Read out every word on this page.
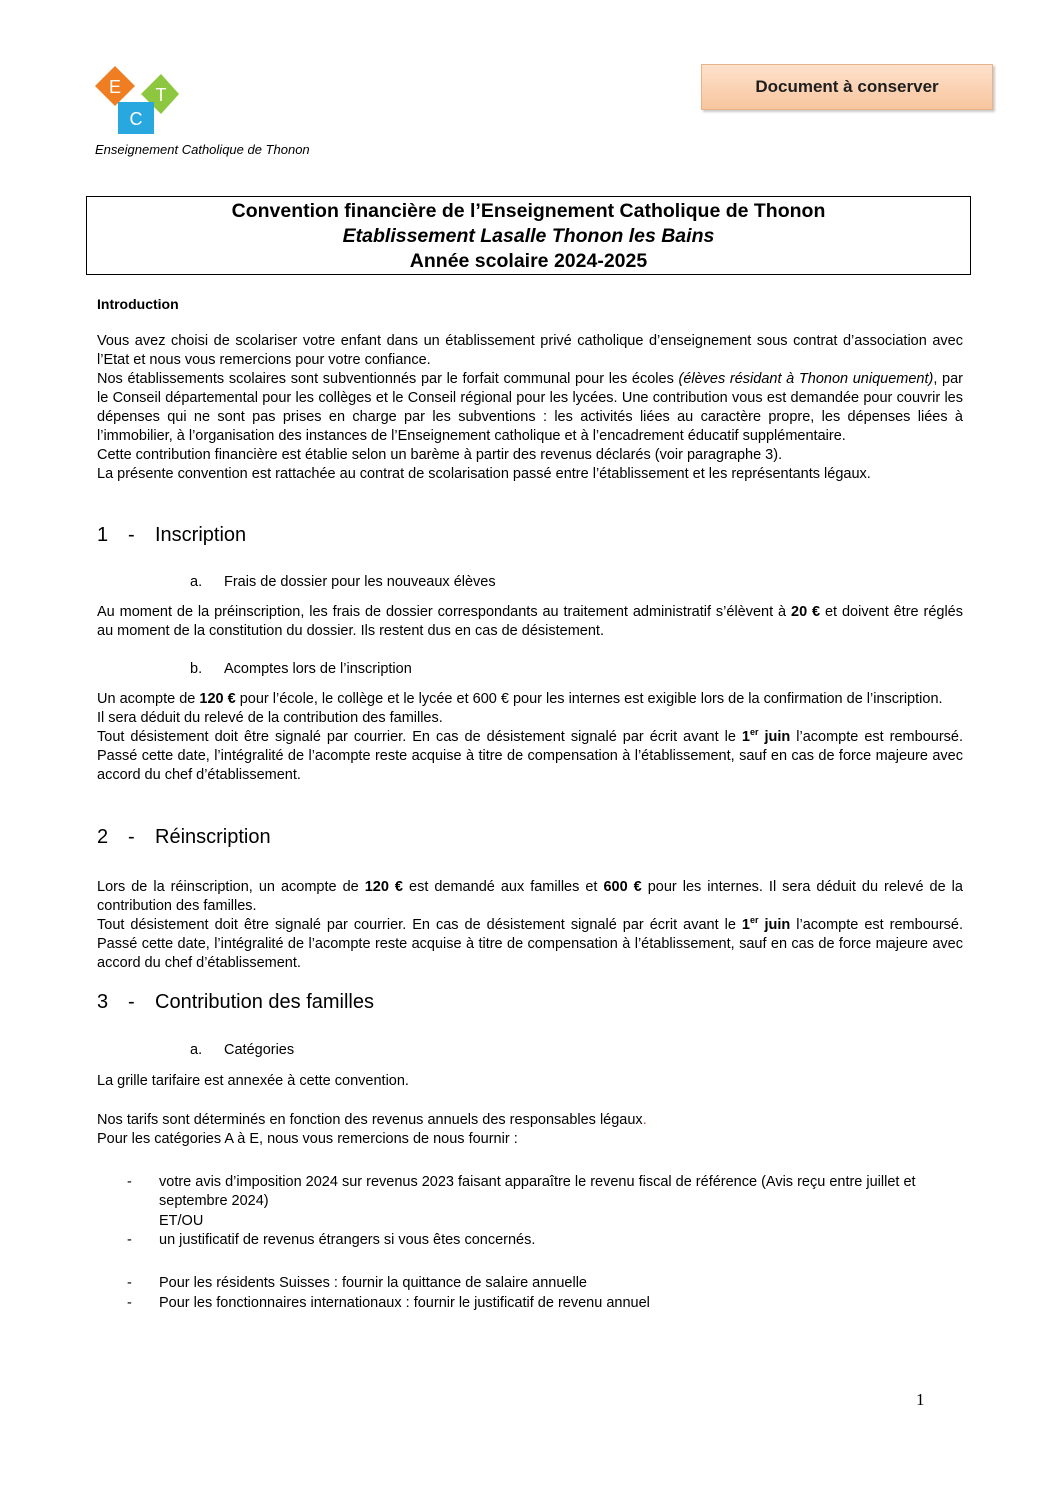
E T
C
Enseignement Catholique de Thonon
Document à conserver
Convention financière de l’Enseignement Catholique de Thonon
Etablissement Lasalle Thonon les Bains
Année scolaire 2024-2025
Introduction
Vous avez choisi de scolariser votre enfant dans un établissement privé catholique d’enseignement sous contrat d’association avec l’Etat et nous vous remercions pour votre confiance.
Nos établissements scolaires sont subventionnés par le forfait communal pour les écoles (élèves résidant à Thonon uniquement), par le Conseil départemental pour les collèges et le Conseil régional pour les lycées. Une contribution vous est demandée pour couvrir les dépenses qui ne sont pas prises en charge par les subventions : les activités liées au caractère propre, les dépenses liées à l’immobilier, à l’organisation des instances de l’Enseignement catholique et à l’encadrement éducatif supplémentaire.
Cette contribution financière est établie selon un barème à partir des revenus déclarés (voir paragraphe 3).
La présente convention est rattachée au contrat de scolarisation passé entre l’établissement et les représentants légaux.
1 - Inscription
a. Frais de dossier pour les nouveaux élèves
Au moment de la préinscription, les frais de dossier correspondants au traitement administratif s’élèvent à 20 € et doivent être réglés au moment de la constitution du dossier. Ils restent dus en cas de désistement.
b. Acomptes lors de l’inscription
Un acompte de 120 € pour l’école, le collège et le lycée et 600 € pour les internes est exigible lors de la confirmation de l’inscription.
Il sera déduit du relevé de la contribution des familles.
Tout désistement doit être signalé par courrier. En cas de désistement signalé par écrit avant le 1er juin l’acompte est remboursé. Passé cette date, l’intégralité de l’acompte reste acquise à titre de compensation à l’établissement, sauf en cas de force majeure avec accord du chef d’établissement.
2 - Réinscription
Lors de la réinscription, un acompte de 120 € est demandé aux familles et 600 € pour les internes. Il sera déduit du relevé de la contribution des familles.
Tout désistement doit être signalé par courrier. En cas de désistement signalé par écrit avant le 1er juin l’acompte est remboursé. Passé cette date, l’intégralité de l’acompte reste acquise à titre de compensation à l’établissement, sauf en cas de force majeure avec accord du chef d’établissement.
3 - Contribution des familles
a. Catégories
La grille tarifaire est annexée à cette convention.
Nos tarifs sont déterminés en fonction des revenus annuels des responsables légaux.
Pour les catégories A à E, nous vous remercions de nous fournir :
- votre avis d’imposition 2024 sur revenus 2023 faisant apparaître le revenu fiscal de référence (Avis reçu entre juillet et septembre 2024)
ET/OU
- un justificatif de revenus étrangers si vous êtes concernés.
- Pour les résidents Suisses : fournir la quittance de salaire annuelle
- Pour les fonctionnaires internationaux : fournir le justificatif de revenu annuel
1
